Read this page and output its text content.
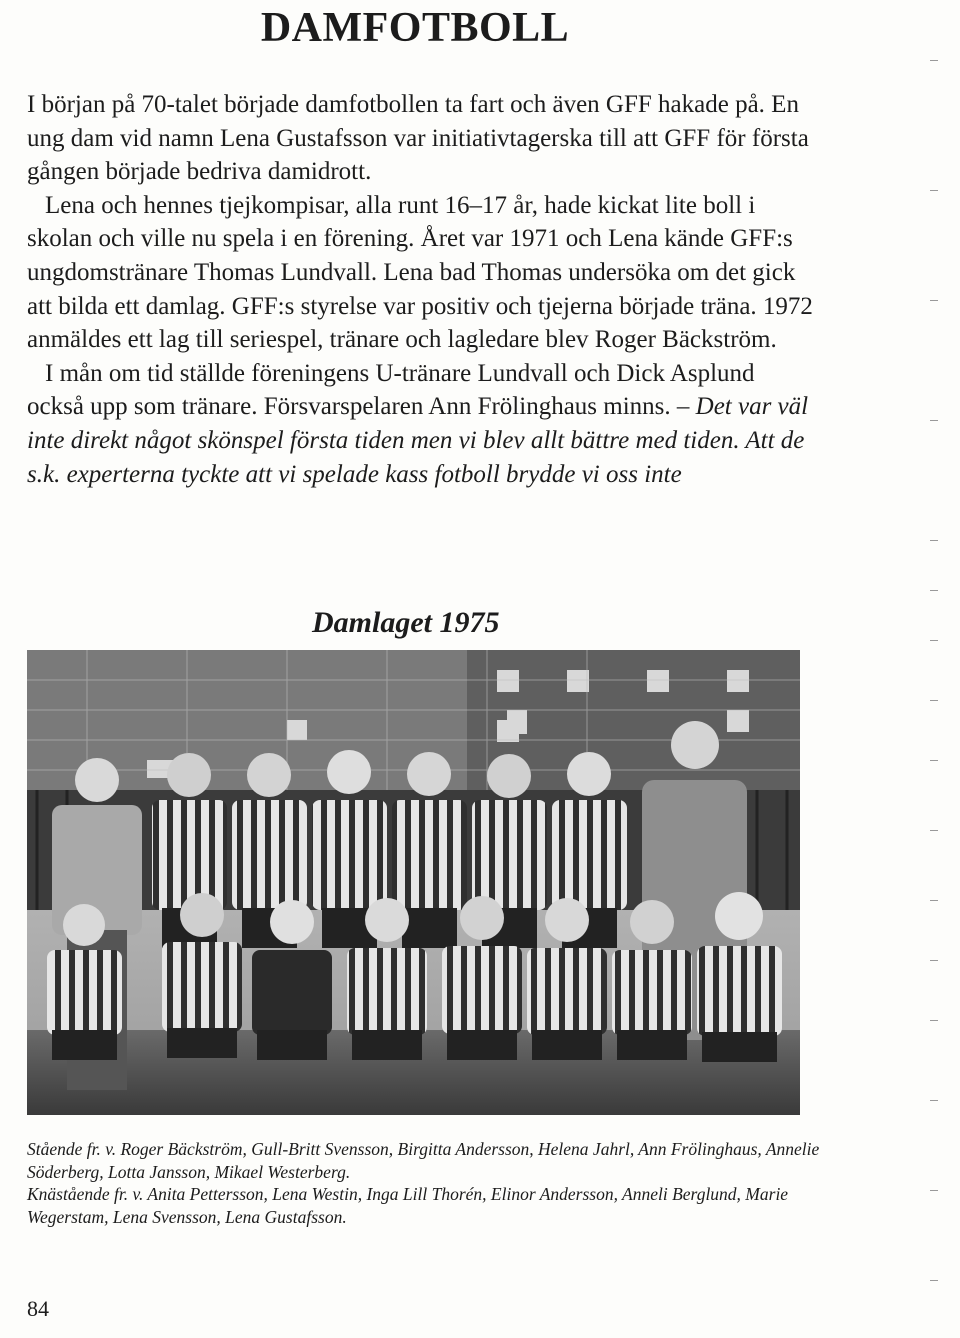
DAMFOTBOLL

I början på 70-talet började damfotbollen ta fart och även GFF hakade på. En ung dam vid namn Lena Gustafsson var initiativtagerska till att GFF för första gången började bedriva damidrott.

Lena och hennes tjejkompisar, alla runt 16–17 år, hade kickat lite boll i skolan och ville nu spela i en förening. Året var 1971 och Lena kände GFF:s ungdomstränare Thomas Lundvall. Lena bad Thomas undersöka om det gick att bilda ett damlag. GFF:s styrelse var positiv och tjejerna började träna. 1972 anmäldes ett lag till seriespel, tränare och lagledare blev Roger Bäckström.

I mån om tid ställde föreningens U-tränare Lundvall och Dick Asplund också upp som tränare. Försvarspelaren Ann Frölinghaus minns. – Det var väl inte direkt något skönspel första tiden men vi blev allt bättre med tiden. Att de s.k. experterna tyckte att vi spelade kass fotboll brydde vi oss inte

Damlaget 1975

Stående fr. v. Roger Bäckström, Gull-Britt Svensson, Birgitta Andersson, Helena Jahrl, Ann Frölinghaus, Annelie Söderberg, Lotta Jansson, Mikael Westerberg.

Knästående fr. v. Anita Pettersson, Lena Westin, Inga Lill Thorén, Elinor Andersson, Anneli Berglund, Marie Wegerstam, Lena Svensson, Lena Gustafsson.

84
